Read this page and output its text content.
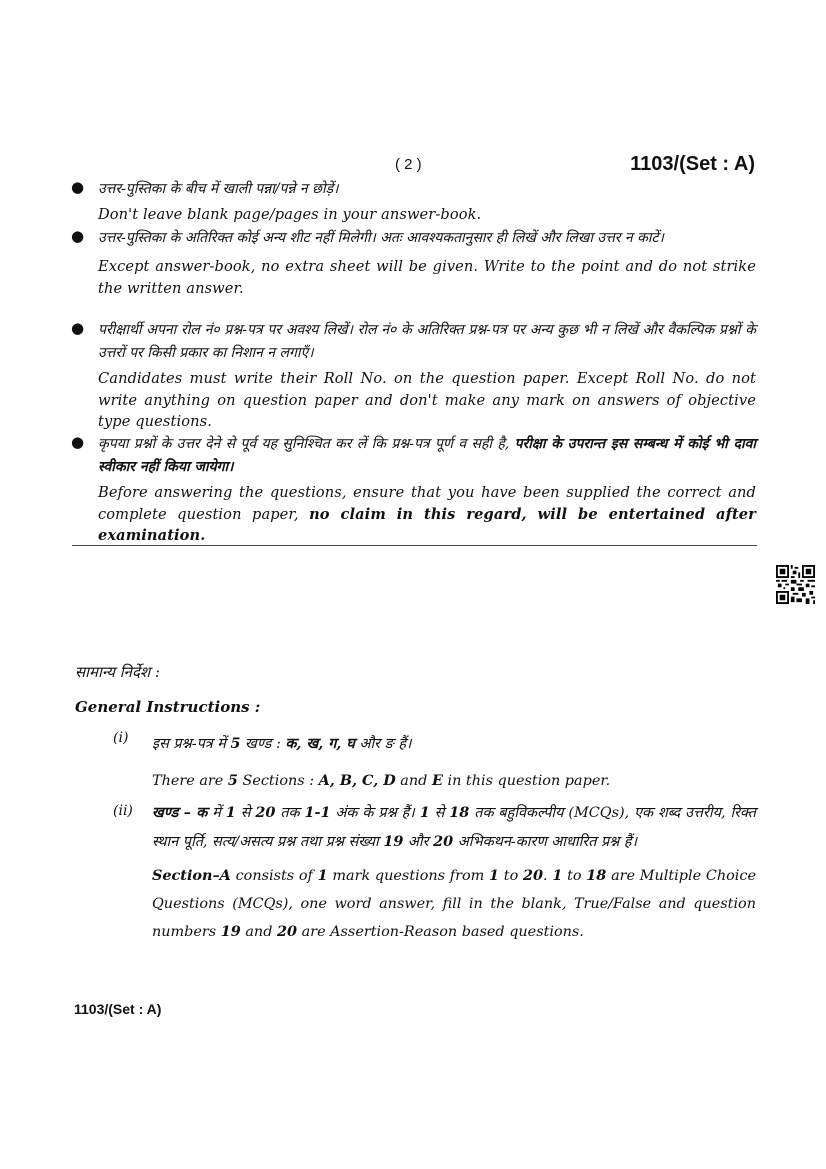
( 2 )	1103/(Set : A)
● उत्तर-पुस्तिका के बीच में खाली पन्ना/पन्ने न छोड़ें।
Don't leave blank page/pages in your answer-book.
● उत्तर-पुस्तिका के अतिरिक्त कोई अन्य शीट नहीं मिलेगी। अतः आवश्यकतानुसार ही लिखें और लिखा उत्तर न काटें।
Except answer-book, no extra sheet will be given. Write to the point and do not strike the written answer.
● परीक्षार्थी अपना रोल नं० प्रश्न-पत्र पर अवश्य लिखें। रोल नं० के अतिरिक्त प्रश्न-पत्र पर अन्य कुछ भी न लिखें और वैकल्पिक प्रश्नों के उत्तरों पर किसी प्रकार का निशान न लगाएँ।
Candidates must write their Roll No. on the question paper. Except Roll No. do not write anything on question paper and don't make any mark on answers of objective type questions.
● कृपया प्रश्नों के उत्तर देने से पूर्व यह सुनिश्चित कर लें कि प्रश्न-पत्र पूर्ण व सही है, परीक्षा के उपरान्त इस सम्बन्ध में कोई भी दावा स्वीकार नहीं किया जायेगा।
Before answering the questions, ensure that you have been supplied the correct and complete question paper, no claim in this regard, will be entertained after examination.
सामान्य निर्देश :
General Instructions :
(i) इस प्रश्न-पत्र में 5 खण्ड : क, ख, ग, घ और ङ हैं।
There are 5 Sections : A, B, C, D and E in this question paper.
(ii) खण्ड – क में 1 से 20 तक 1-1 अंक के प्रश्न हैं। 1 से 18 तक बहुविकल्पीय (MCQs), एक शब्द उत्तरीय, रिक्त स्थान पूर्ति, सत्य/असत्य प्रश्न तथा प्रश्न संख्या 19 और 20 अभिकथन-कारण आधारित प्रश्न हैं।
Section–A consists of 1 mark questions from 1 to 20. 1 to 18 are Multiple Choice Questions (MCQs), one word answer, fill in the blank, True/False and question numbers 19 and 20 are Assertion-Reason based questions.
1103/(Set : A)
